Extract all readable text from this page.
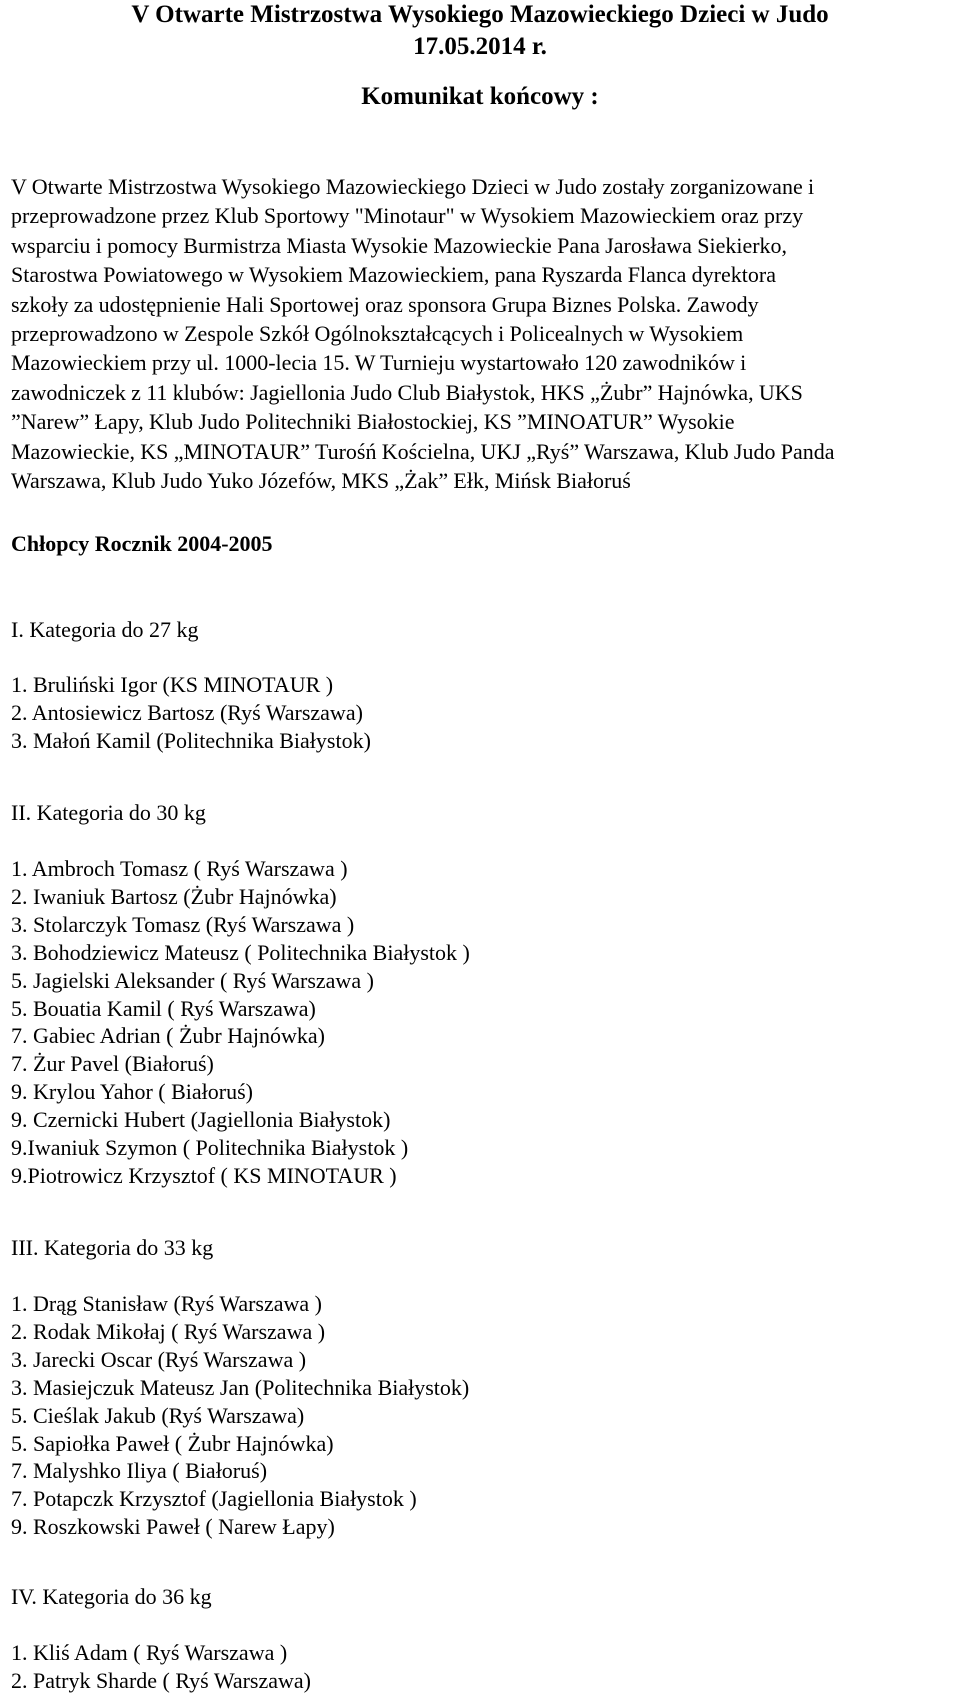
V Otwarte Mistrzostwa Wysokiego Mazowieckiego Dzieci w Judo
17.05.2014 r.
Komunikat końcowy :

V Otwarte Mistrzostwa Wysokiego Mazowieckiego Dzieci w Judo zostały zorganizowane i
przeprowadzone przez Klub Sportowy "Minotaur" w Wysokiem Mazowieckiem oraz przy
wsparciu i pomocy Burmistrza Miasta Wysokie Mazowieckie Pana Jarosława Siekierko,
Starostwa Powiatowego w Wysokiem Mazowieckiem, pana Ryszarda Flanca dyrektora
szkoły za udostępnienie Hali Sportowej oraz sponsora Grupa Biznes Polska. Zawody
przeprowadzono w Zespole Szkół Ogólnokształcących i Policealnych w Wysokiem
Mazowieckiem przy ul. 1000-lecia 15. W Turnieju wystartowało 120 zawodników i
zawodniczek z 11 klubów: Jagiellonia Judo Club Białystok, HKS „Żubr” Hajnówka, UKS
”Narew” Łapy, Klub Judo Politechniki Białostockiej, KS ”MINOATUR” Wysokie
Mazowieckie, KS „MINOTAUR” Turośń Kościelna, UKJ „Ryś” Warszawa, Klub Judo Panda
Warszawa, Klub Judo Yuko Józefów, MKS „Żak” Ełk, Mińsk Białoruś

Chłopcy Rocznik 2004-2005

I. Kategoria do 27 kg

1. Bruliński Igor (KS MINOTAUR )
2. Antosiewicz Bartosz (Ryś Warszawa)
3. Małoń Kamil (Politechnika Białystok)

II. Kategoria do 30 kg

1. Ambroch Tomasz ( Ryś Warszawa )
2. Iwaniuk Bartosz (Żubr Hajnówka)
3. Stolarczyk Tomasz (Ryś Warszawa )
3. Bohodziewicz Mateusz ( Politechnika Białystok )
5. Jagielski Aleksander ( Ryś Warszawa )
5. Bouatia Kamil ( Ryś Warszawa)
7. Gabiec Adrian ( Żubr Hajnówka)
7. Żur Pavel (Białoruś)
9. Krylou Yahor ( Białoruś)
9. Czernicki Hubert (Jagiellonia Białystok)
9.Iwaniuk Szymon ( Politechnika Białystok )
9.Piotrowicz Krzysztof ( KS MINOTAUR )

III. Kategoria do 33 kg

1. Drąg Stanisław (Ryś Warszawa )
2. Rodak Mikołaj ( Ryś Warszawa )
3. Jarecki Oscar (Ryś Warszawa )
3. Masiejczuk Mateusz Jan (Politechnika Białystok)
5. Cieślak Jakub (Ryś Warszawa)
5. Sapiołka Paweł ( Żubr Hajnówka)
7. Malyshko Iliya ( Białoruś)
7. Potapczk Krzysztof (Jagiellonia Białystok )
9. Roszkowski Paweł ( Narew Łapy)

IV. Kategoria do 36 kg

1. Kliś Adam ( Ryś Warszawa )
2. Patryk Sharde ( Ryś Warszawa)
